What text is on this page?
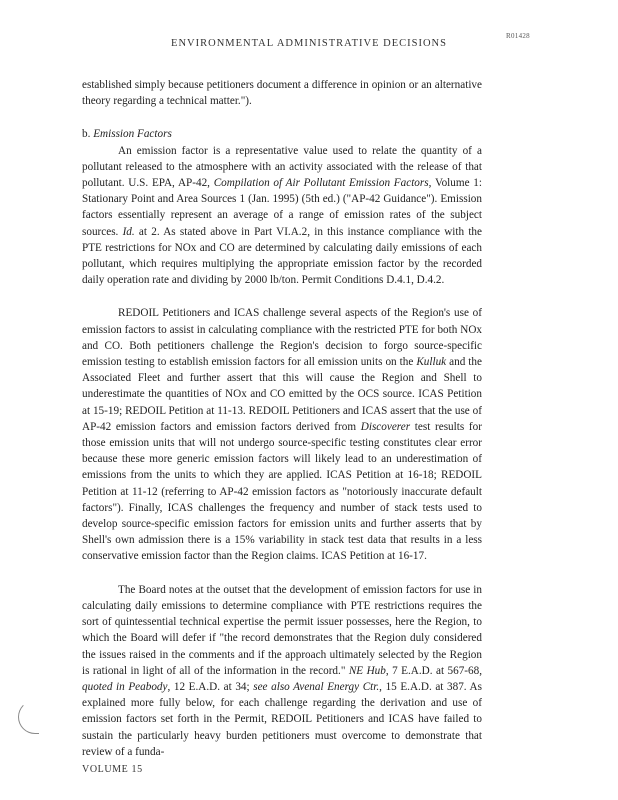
R01428
ENVIRONMENTAL ADMINISTRATIVE DECISIONS

established simply because petitioners document a difference in opinion or an alternative theory regarding a technical matter.").

b. Emission Factors

An emission factor is a representative value used to relate the quantity of a pollutant released to the atmosphere with an activity associated with the release of that pollutant. U.S. EPA, AP-42, Compilation of Air Pollutant Emission Factors, Volume 1: Stationary Point and Area Sources 1 (Jan. 1995) (5th ed.) ("AP-42 Guidance"). Emission factors essentially represent an average of a range of emission rates of the subject sources. Id. at 2. As stated above in Part VI.A.2, in this instance compliance with the PTE restrictions for NOx and CO are determined by calculating daily emissions of each pollutant, which requires multiplying the appropriate emission factor by the recorded daily operation rate and dividing by 2000 lb/ton. Permit Conditions D.4.1, D.4.2.

REDOIL Petitioners and ICAS challenge several aspects of the Region's use of emission factors to assist in calculating compliance with the restricted PTE for both NOx and CO. Both petitioners challenge the Region's decision to forgo source-specific emission testing to establish emission factors for all emission units on the Kulluk and the Associated Fleet and further assert that this will cause the Region and Shell to underestimate the quantities of NOx and CO emitted by the OCS source. ICAS Petition at 15-19; REDOIL Petition at 11-13. REDOIL Petitioners and ICAS assert that the use of AP-42 emission factors and emission factors derived from Discoverer test results for those emission units that will not undergo source-specific testing constitutes clear error because these more generic emission factors will likely lead to an underestimation of emissions from the units to which they are applied. ICAS Petition at 16-18; REDOIL Petition at 11-12 (referring to AP-42 emission factors as "notoriously inaccurate default factors"). Finally, ICAS challenges the frequency and number of stack tests used to develop source-specific emission factors for emission units and further asserts that by Shell's own admission there is a 15% variability in stack test data that results in a less conservative emission factor than the Region claims. ICAS Petition at 16-17.

The Board notes at the outset that the development of emission factors for use in calculating daily emissions to determine compliance with PTE restrictions requires the sort of quintessential technical expertise the permit issuer possesses, here the Region, to which the Board will defer if "the record demonstrates that the Region duly considered the issues raised in the comments and if the approach ultimately selected by the Region is rational in light of all of the information in the record." NE Hub, 7 E.A.D. at 567-68, quoted in Peabody, 12 E.A.D. at 34; see also Avenal Energy Ctr., 15 E.A.D. at 387. As explained more fully below, for each challenge regarding the derivation and use of emission factors set forth in the Permit, REDOIL Petitioners and ICAS have failed to sustain the particularly heavy burden petitioners must overcome to demonstrate that review of a funda-

VOLUME 15
